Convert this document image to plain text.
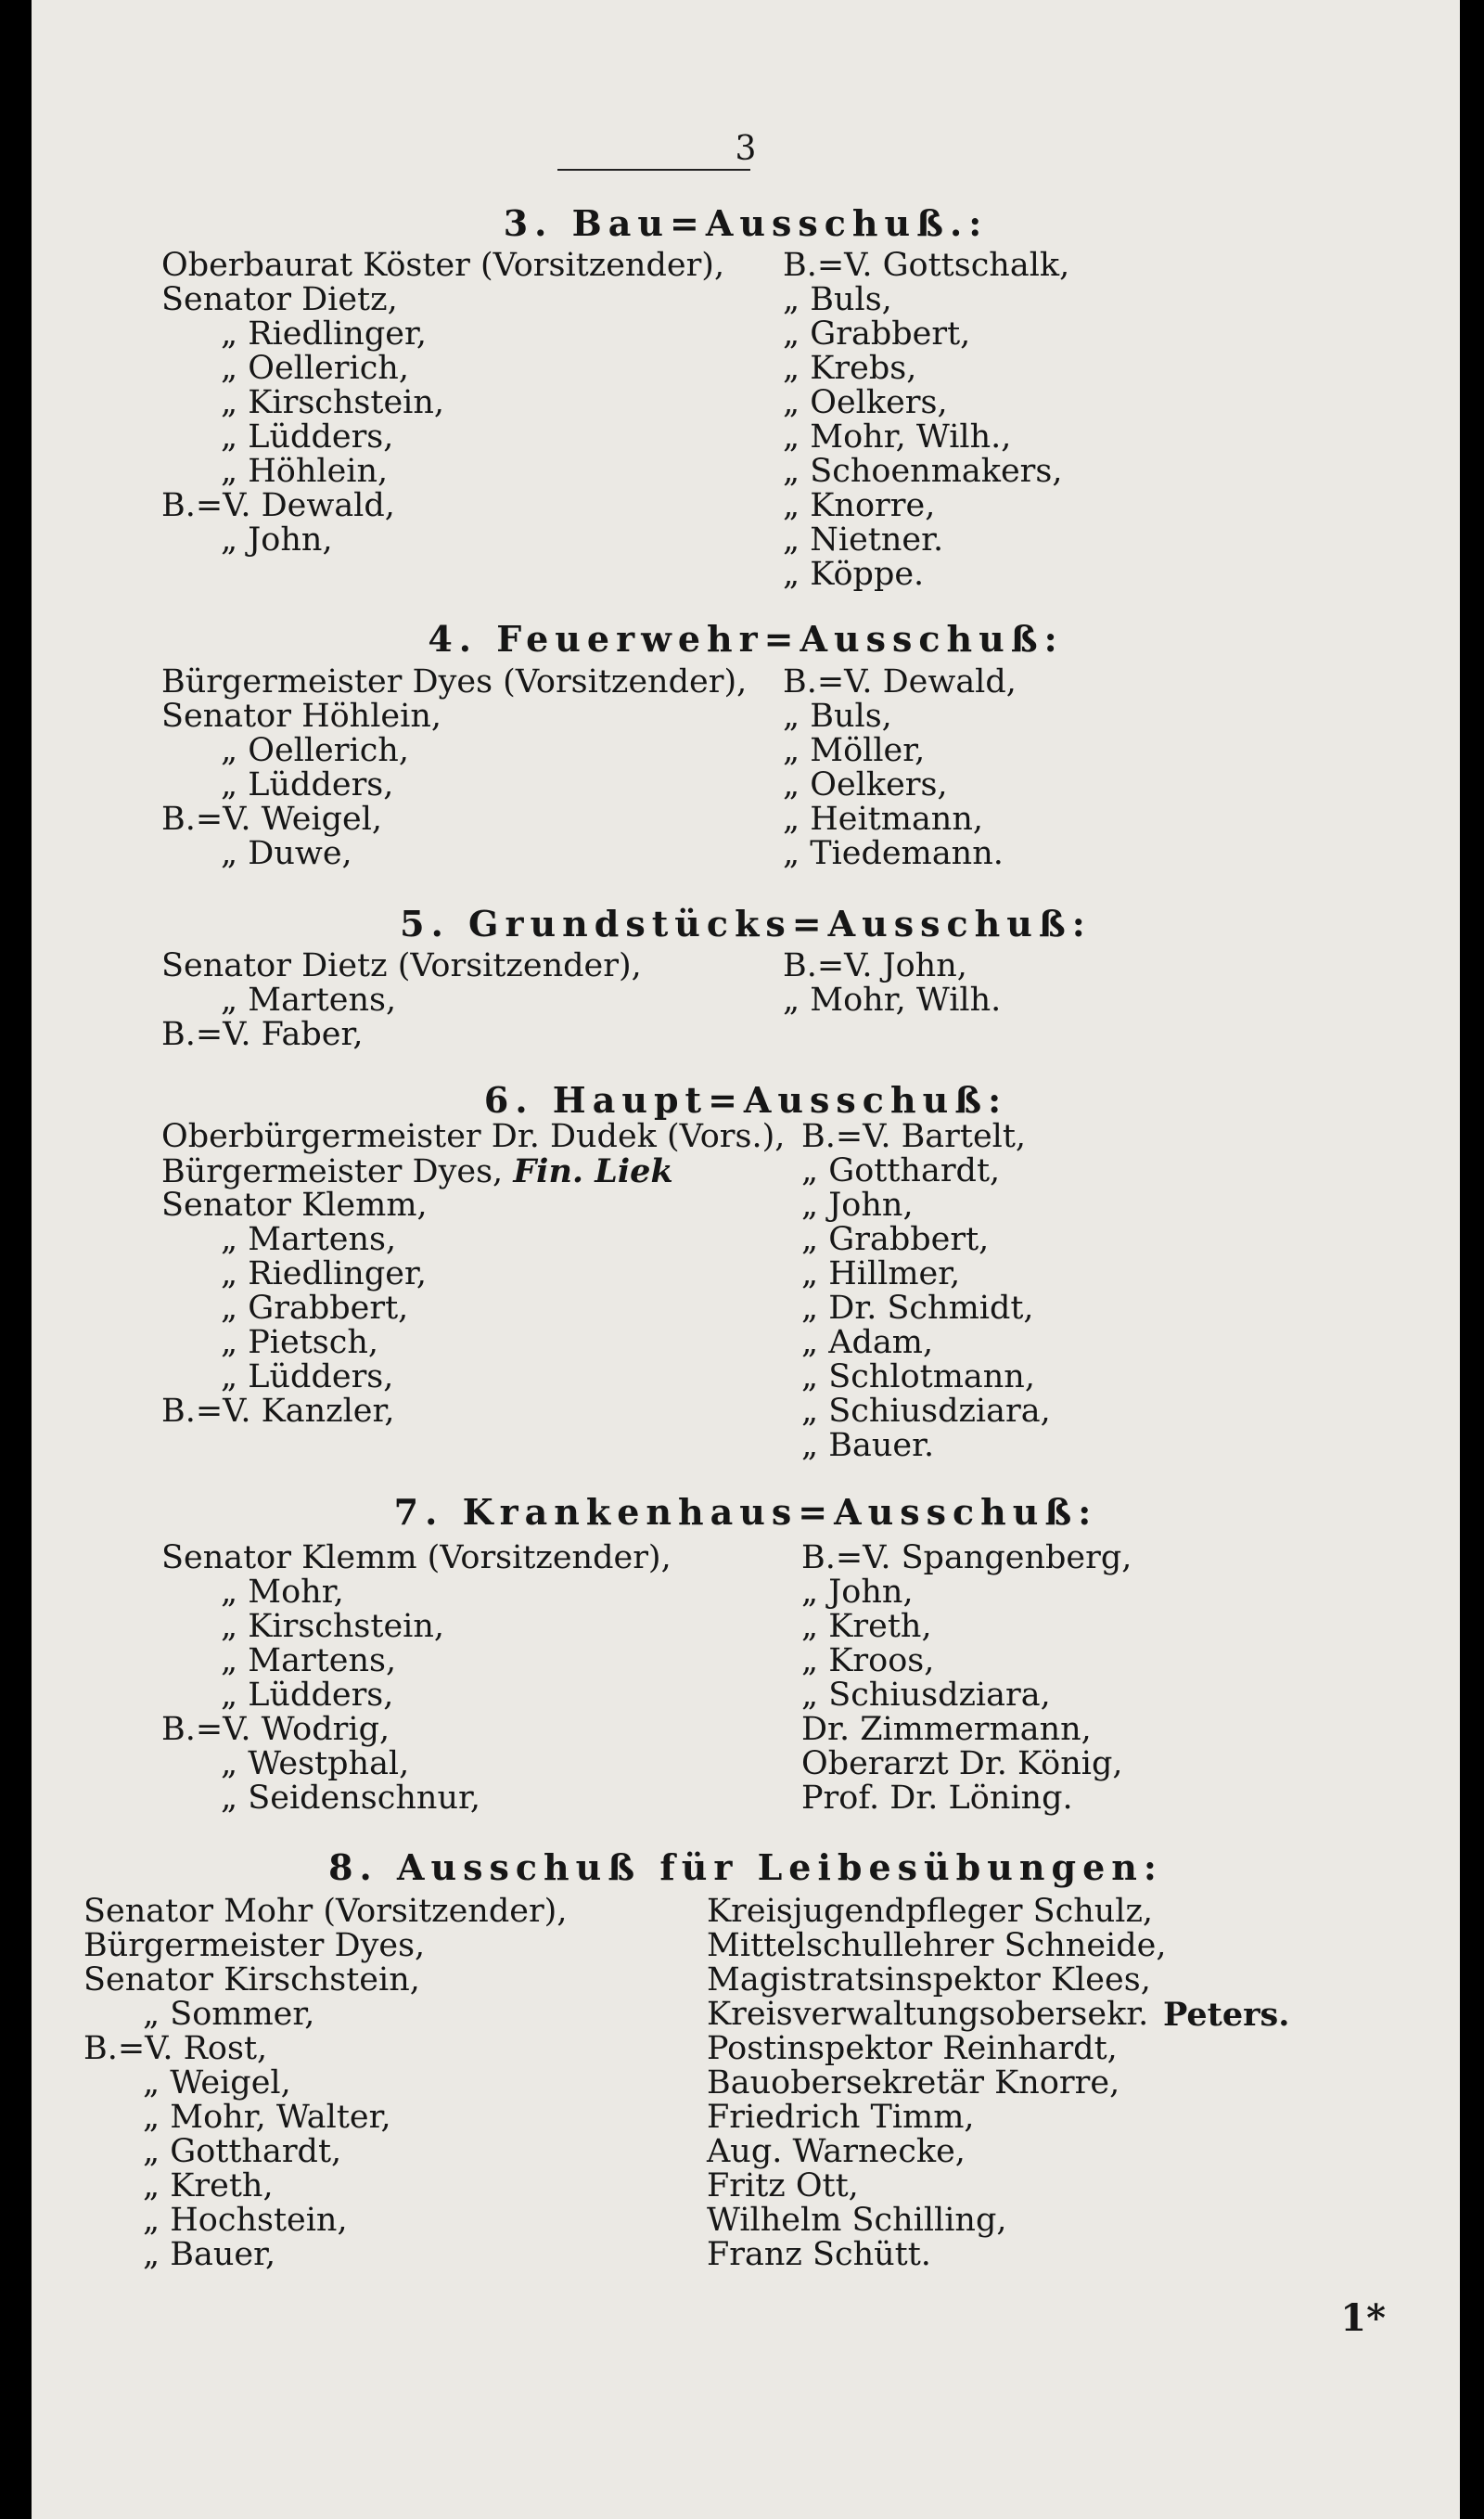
3
3. Bau=Ausschuß.:
Oberbaurat Köster (Vorsitzender),
Senator Dietz,
„ Riedlinger,
„ Oellerich,
„ Kirschstein,
„ Lüdders,
„ Höhlein,
B.=V. Dewald,
„ John,
B.=V. Gottschalk,
„ Buls,
„ Grabbert,
„ Krebs,
„ Oelkers,
„ Mohr, Wilh.,
„ Schoenmakers,
„ Knorre,
„ Nietner.
„ Köppe.
4. Feuerwehr=Ausschuß:
Bürgermeister Dyes (Vorsitzender),
Senator Höhlein,
„ Oellerich,
„ Lüdders,
B.=V. Weigel,
„ Duwe,
B.=V. Dewald,
„ Buls,
„ Möller,
„ Oelkers,
„ Heitmann,
„ Tiedemann.
5. Grundstücks=Ausschuß:
Senator Dietz (Vorsitzender),
„ Martens,
B.=V. Faber,
B.=V. John,
„ Mohr, Wilh.
6. Haupt=Ausschuß:
Oberbürgermeister Dr. Dudek (Vors.),
Bürgermeister Dyes, Fin. Liek
Senator Klemm,
„ Martens,
„ Riedlinger,
„ Grabbert,
„ Pietsch,
„ Lüdders,
B.=V. Kanzler,
B.=V. Bartelt,
„ Gotthardt,
„ John,
„ Grabbert,
„ Hillmer,
„ Dr. Schmidt,
„ Adam,
„ Schlotmann,
„ Schiusdziara,
„ Bauer.
7. Krankenhaus=Ausschuß:
Senator Klemm (Vorsitzender),
„ Mohr,
„ Kirschstein,
„ Martens,
„ Lüdders,
B.=V. Wodrig,
„ Westphal,
„ Seidenschnur,
B.=V. Spangenberg,
„ John,
„ Kreth,
„ Kroos,
„ Schiusdziara,
Dr. Zimmermann,
Oberarzt Dr. König,
Prof. Dr. Löning.
8. Ausschuß für Leibesübungen:
Senator Mohr (Vorsitzender),
Bürgermeister Dyes,
Senator Kirschstein,
„ Sommer,
B.=V. Rost,
„ Weigel,
„ Mohr, Walter,
„ Gotthardt,
„ Kreth,
„ Hochstein,
„ Bauer,
Kreisjugendpfleger Schulz,
Mittelschullehrer Schneide,
Magistratsinspektor Klees,
Kreisverwaltungsobersekr.
Postinspektor Reinhardt,
Bauobersekretär Knorre,
Friedrich Timm,
Aug. Warnecke,
Fritz Ott,
Wilhelm Schilling,
Franz Schütt.
Peters.
1*
